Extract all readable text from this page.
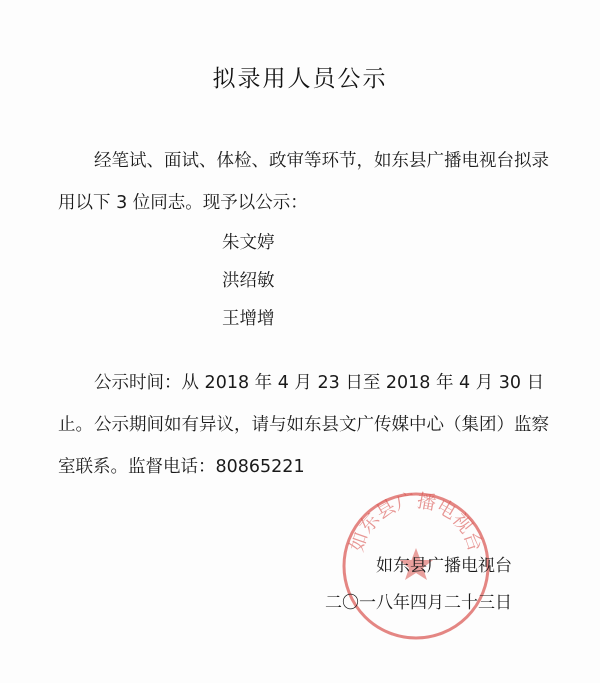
拟录用人员公示
经笔试、面试、体检、政审等环节，如东县广播电视台拟录用以下 3 位同志。现予以公示：
朱文婷
洪绍敏
王增增
公示时间：从 2018 年 4 月 23 日至 2018 年 4 月 30 日止。 公示期间如有异议，请与如东县文广传媒中心（集团）监察室联系。监督电话：80865221
如东县广播电视台
如东县广播电视台
二〇一八年四月二十三日
